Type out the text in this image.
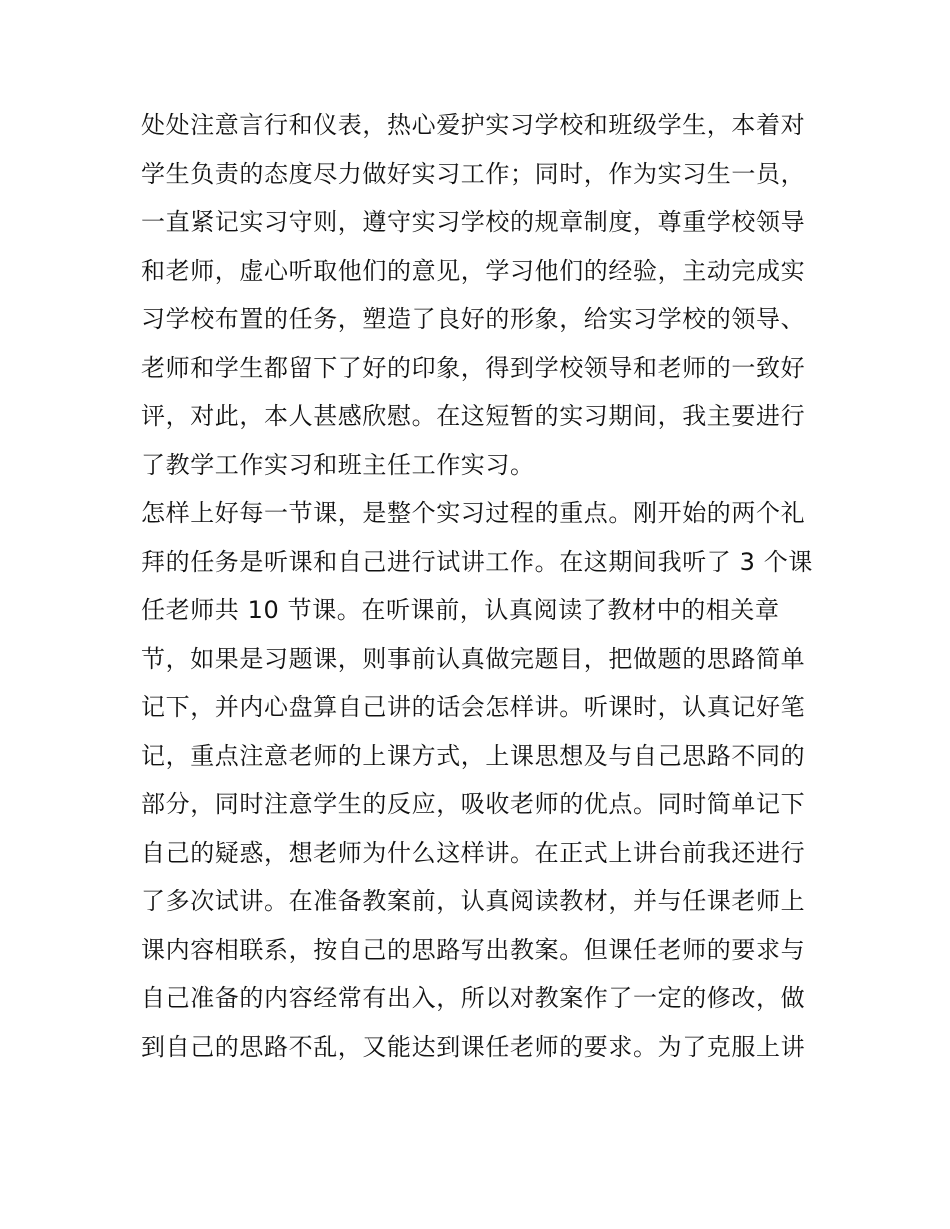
处处注意言行和仪表，热心爱护实习学校和班级学生，本着对
学生负责的态度尽力做好实习工作；同时，作为实习生一员，
一直紧记实习守则，遵守实习学校的规章制度，尊重学校领导
和老师，虚心听取他们的意见，学习他们的经验，主动完成实
习学校布置的任务，塑造了良好的形象，给实习学校的领导、
老师和学生都留下了好的印象，得到学校领导和老师的一致好
评，对此，本人甚感欣慰。在这短暂的实习期间，我主要进行
了教学工作实习和班主任工作实习。
怎样上好每一节课，是整个实习过程的重点。刚开始的两个礼
拜的任务是听课和自己进行试讲工作。在这期间我听了 3 个课
任老师共 10 节课。在听课前，认真阅读了教材中的相关章
节，如果是习题课，则事前认真做完题目，把做题的思路简单
记下，并内心盘算自己讲的话会怎样讲。听课时，认真记好笔
记，重点注意老师的上课方式，上课思想及与自己思路不同的
部分，同时注意学生的反应，吸收老师的优点。同时简单记下
自己的疑惑，想老师为什么这样讲。在正式上讲台前我还进行
了多次试讲。在准备教案前，认真阅读教材，并与任课老师上
课内容相联系，按自己的思路写出教案。但课任老师的要求与
自己准备的内容经常有出入，所以对教案作了一定的修改，做
到自己的思路不乱，又能达到课任老师的要求。为了克服上讲
